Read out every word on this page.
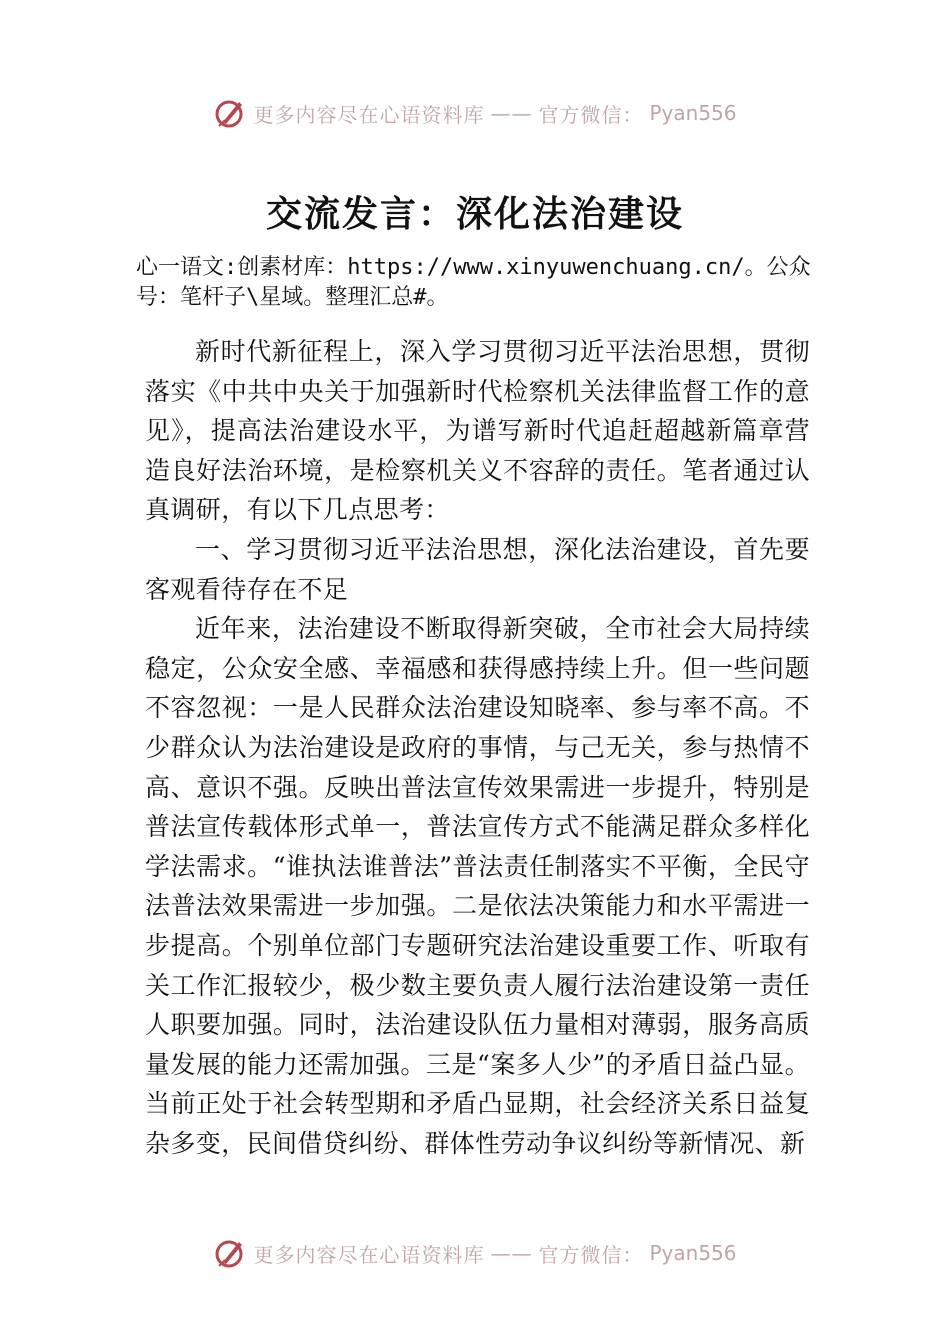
更多内容尽在心语资料库 —— 官方微信： Pyan556
交流发言：深化法治建设
心一语文:创素材库：https://www.xinyuwenchuang.cn/。公众号：笔杆子\星域。整理汇总#。

新时代新征程上，深入学习贯彻习近平法治思想，贯彻落实《中共中央关于加强新时代检察机关法律监督工作的意见》，提高法治建设水平，为谱写新时代追赶超越新篇章营造良好法治环境，是检察机关义不容辞的责任。笔者通过认真调研，有以下几点思考：

一、学习贯彻习近平法治思想，深化法治建设，首先要客观看待存在不足

近年来，法治建设不断取得新突破，全市社会大局持续稳定，公众安全感、幸福感和获得感持续上升。但一些问题不容忽视：一是人民群众法治建设知晓率、参与率不高。不少群众认为法治建设是政府的事情，与己无关，参与热情不高、意识不强。反映出普法宣传效果需进一步提升，特别是普法宣传载体形式单一，普法宣传方式不能满足群众多样化学法需求。“谁执法谁普法”普法责任制落实不平衡，全民守法普法效果需进一步加强。二是依法决策能力和水平需进一步提高。个别单位部门专题研究法治建设重要工作、听取有关工作汇报较少，极少数主要负责人履行法治建设第一责任人职要加强。同时，法治建设队伍力量相对薄弱，服务高质量发展的能力还需加强。三是“案多人少”的矛盾日益凸显。当前正处于社会转型期和矛盾凸显期，社会经济关系日益复杂多变，民间借贷纠纷、群体性劳动争议纠纷等新情况、新

更多内容尽在心语资料库 —— 官方微信： Pyan556
